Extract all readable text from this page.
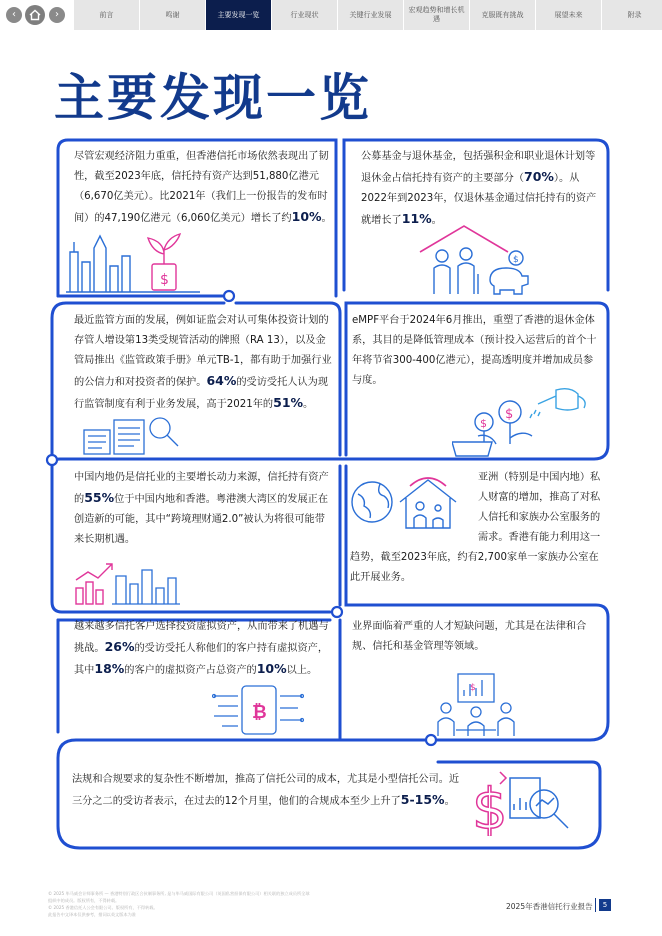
‹	›	前言	鸣谢	主要发现一览	行业现状	关键行业发展
宏观趋势和增长机遇
克服既有挑战	展望未来	附录
主要发现一览
尽管宏观经济阻力重重，但香港信托市场依然表现出了韧性，截至2023年底，信托持有资产达到51,880亿港元（6,670亿美元）。比2021年（我们上一份报告的发布时间）的47,190亿港元（6,060亿美元）增长了约10%。
$
公募基金与退休基金，包括强积金和职业退休计划等退休金占信托持有资产的主要部分（70%）。从2022年到2023年，仅退休基金通过信托持有的资产就增长了11%。
$
最近监管方面的发展，例如证监会对认可集体投资计划的存管人增设第13类受规管活动的牌照（RA 13），以及金管局推出《监管政策手册》单元TB-1，都有助于加强行业的公信力和对投资者的保护。64%的受访受托人认为现行监管制度有利于业务发展，高于2021年的51%。
eMPF平台于2024年6月推出，重塑了香港的退休金体系，其目的是降低管理成本（预计投入运营后的首个十年将节省300-400亿港元），提高透明度并增加成员参与度。
$
$
中国内地仍是信托业的主要增长动力来源，信托持有资产的55%位于中国内地和香港。粤港澳大湾区的发展正在创造新的可能，其中“跨境理财通2.0”被认为将很可能带来长期机遇。
亚洲（特别是中国内地）私人财富的增加，推高了对私人信托和家族办公室服务的需求。香港有能力利用这一趋势，截至2023年底，约有2,700家单一家族办公室在此开展业务。
越来越多信托客户选择投资虚拟资产，从而带来了机遇与挑战。26%的受访受托人称他们的客户持有虚拟资产，其中18%的客户的虚拟资产占总资产的10%以上。
₿
业界面临着严重的人才短缺问题，尤其是在法律和合规、信托和基金管理等领域。
$
法规和合规要求的复杂性不断增加，推高了信托公司的成本，尤其是小型信托公司。近三分之二的受访者表示，在过去的12个月里，他们的合规成本至少上升了5-15%。 $
© 2025 毕马威会计师事务所 — 香港特别行政区合伙制事务所, 是与毕马威国际有限公司（英国私营担保有限公司）相关联的独立成员所全球
组织中的成员。版权所有，不得转载。
© 2025 香港信托人公会有限公司。版权所有，不得转载。
此报告中文译本仅供参考，措词以英文版本为准
2025年香港信托行业报告	5
